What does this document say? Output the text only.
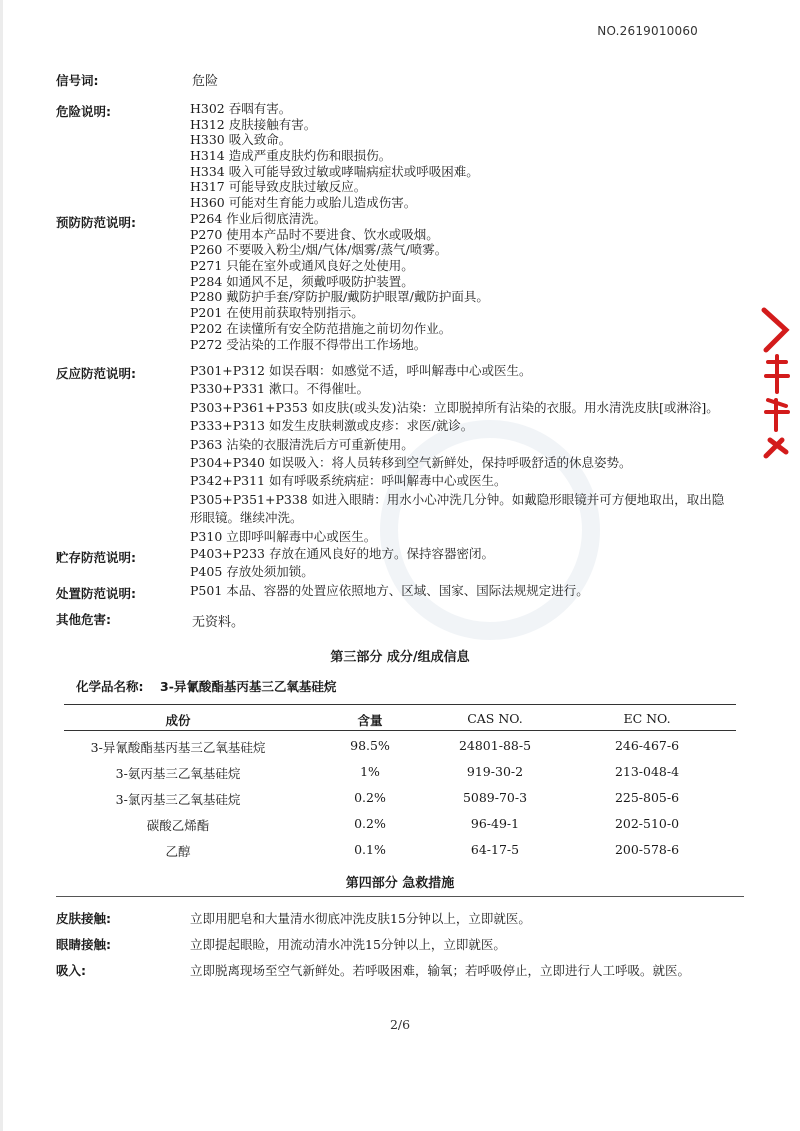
NO.2619010060
信号词:	危险
危险说明:	H302 吞咽有害。
H312 皮肤接触有害。
H330 吸入致命。
H314 造成严重皮肤灼伤和眼损伤。
H334 吸入可能导致过敏或哮喘病症状或呼吸困难。
H317 可能导致皮肤过敏反应。
H360 可能对生育能力或胎儿造成伤害。
预防防范说明:	P264 作业后彻底清洗。
P270 使用本产品时不要进食、饮水或吸烟。
P260 不要吸入粉尘/烟/气体/烟雾/蒸气/喷雾。
P271 只能在室外或通风良好之处使用。
P284 如通风不足，须戴呼吸防护装置。
P280 戴防护手套/穿防护服/戴防护眼罩/戴防护面具。
P201 在使用前获取特别指示。
P202 在读懂所有安全防范措施之前切勿作业。
P272 受沾染的工作服不得带出工作场地。
反应防范说明:	P301+P312 如误吞咽：如感觉不适，呼叫解毒中心或医生。
P330+P331 漱口。不得催吐。
P303+P361+P353 如皮肤(或头发)沾染：立即脱掉所有沾染的衣服。用水清洗皮肤[或淋浴]。
P333+P313 如发生皮肤刺激或皮疹：求医/就诊。
P363 沾染的衣服清洗后方可重新使用。
P304+P340 如误吸入：将人员转移到空气新鲜处，保持呼吸舒适的休息姿势。
P342+P311 如有呼吸系统病症：呼叫解毒中心或医生。
P305+P351+P338 如进入眼睛：用水小心冲洗几分钟。如戴隐形眼镜并可方便地取出，取出隐
形眼镜。继续冲洗。
P310 立即呼叫解毒中心或医生。
贮存防范说明:	P403+P233 存放在通风良好的地方。保持容器密闭。
P405 存放处须加锁。
处置防范说明:	P501 本品、容器的处置应依照地方、区域、国家、国际法规规定进行。
其他危害:	无资料。
第三部分 成分/组成信息
化学品名称: 3-异氰酸酯基丙基三乙氧基硅烷
成份	含量	CAS NO.	EC NO.
3-异氰酸酯基丙基三乙氧基硅烷	98.5%	24801-88-5	246-467-6
3-氨丙基三乙氧基硅烷	1%	919-30-2	213-048-4
3-氯丙基三乙氧基硅烷	0.2%	5089-70-3	225-805-6
碳酸乙烯酯	0.2%	96-49-1	202-510-0
乙醇	0.1%	64-17-5	200-578-6
第四部分 急救措施
皮肤接触:	立即用肥皂和大量清水彻底冲洗皮肤15分钟以上，立即就医。
眼睛接触:	立即提起眼睑，用流动清水冲洗15分钟以上，立即就医。
吸入:	立即脱离现场至空气新鲜处。若呼吸困难，输氧；若呼吸停止，立即进行人工呼吸。就医。
2/6
